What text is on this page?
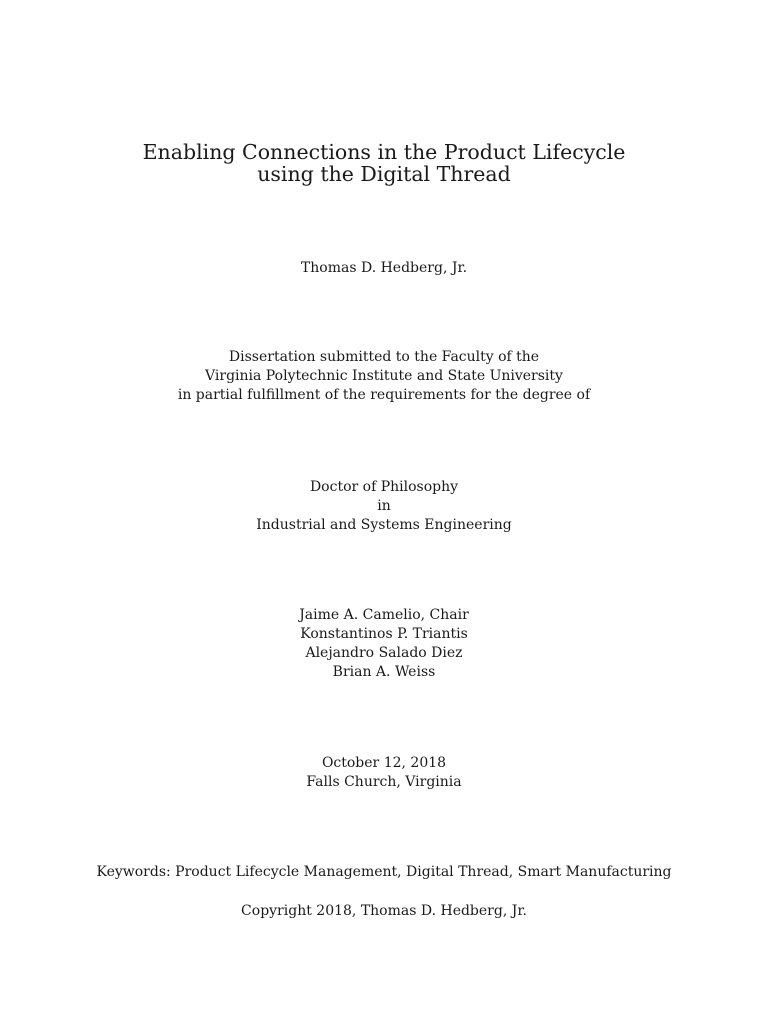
Enabling Connections in the Product Lifecycle
using the Digital Thread
Thomas D. Hedberg, Jr.
Dissertation submitted to the Faculty of the
Virginia Polytechnic Institute and State University
in partial fulfillment of the requirements for the degree of
Doctor of Philosophy
in
Industrial and Systems Engineering
Jaime A. Camelio, Chair
Konstantinos P. Triantis
Alejandro Salado Diez
Brian A. Weiss
October 12, 2018
Falls Church, Virginia
Keywords: Product Lifecycle Management, Digital Thread, Smart Manufacturing
Copyright 2018, Thomas D. Hedberg, Jr.
